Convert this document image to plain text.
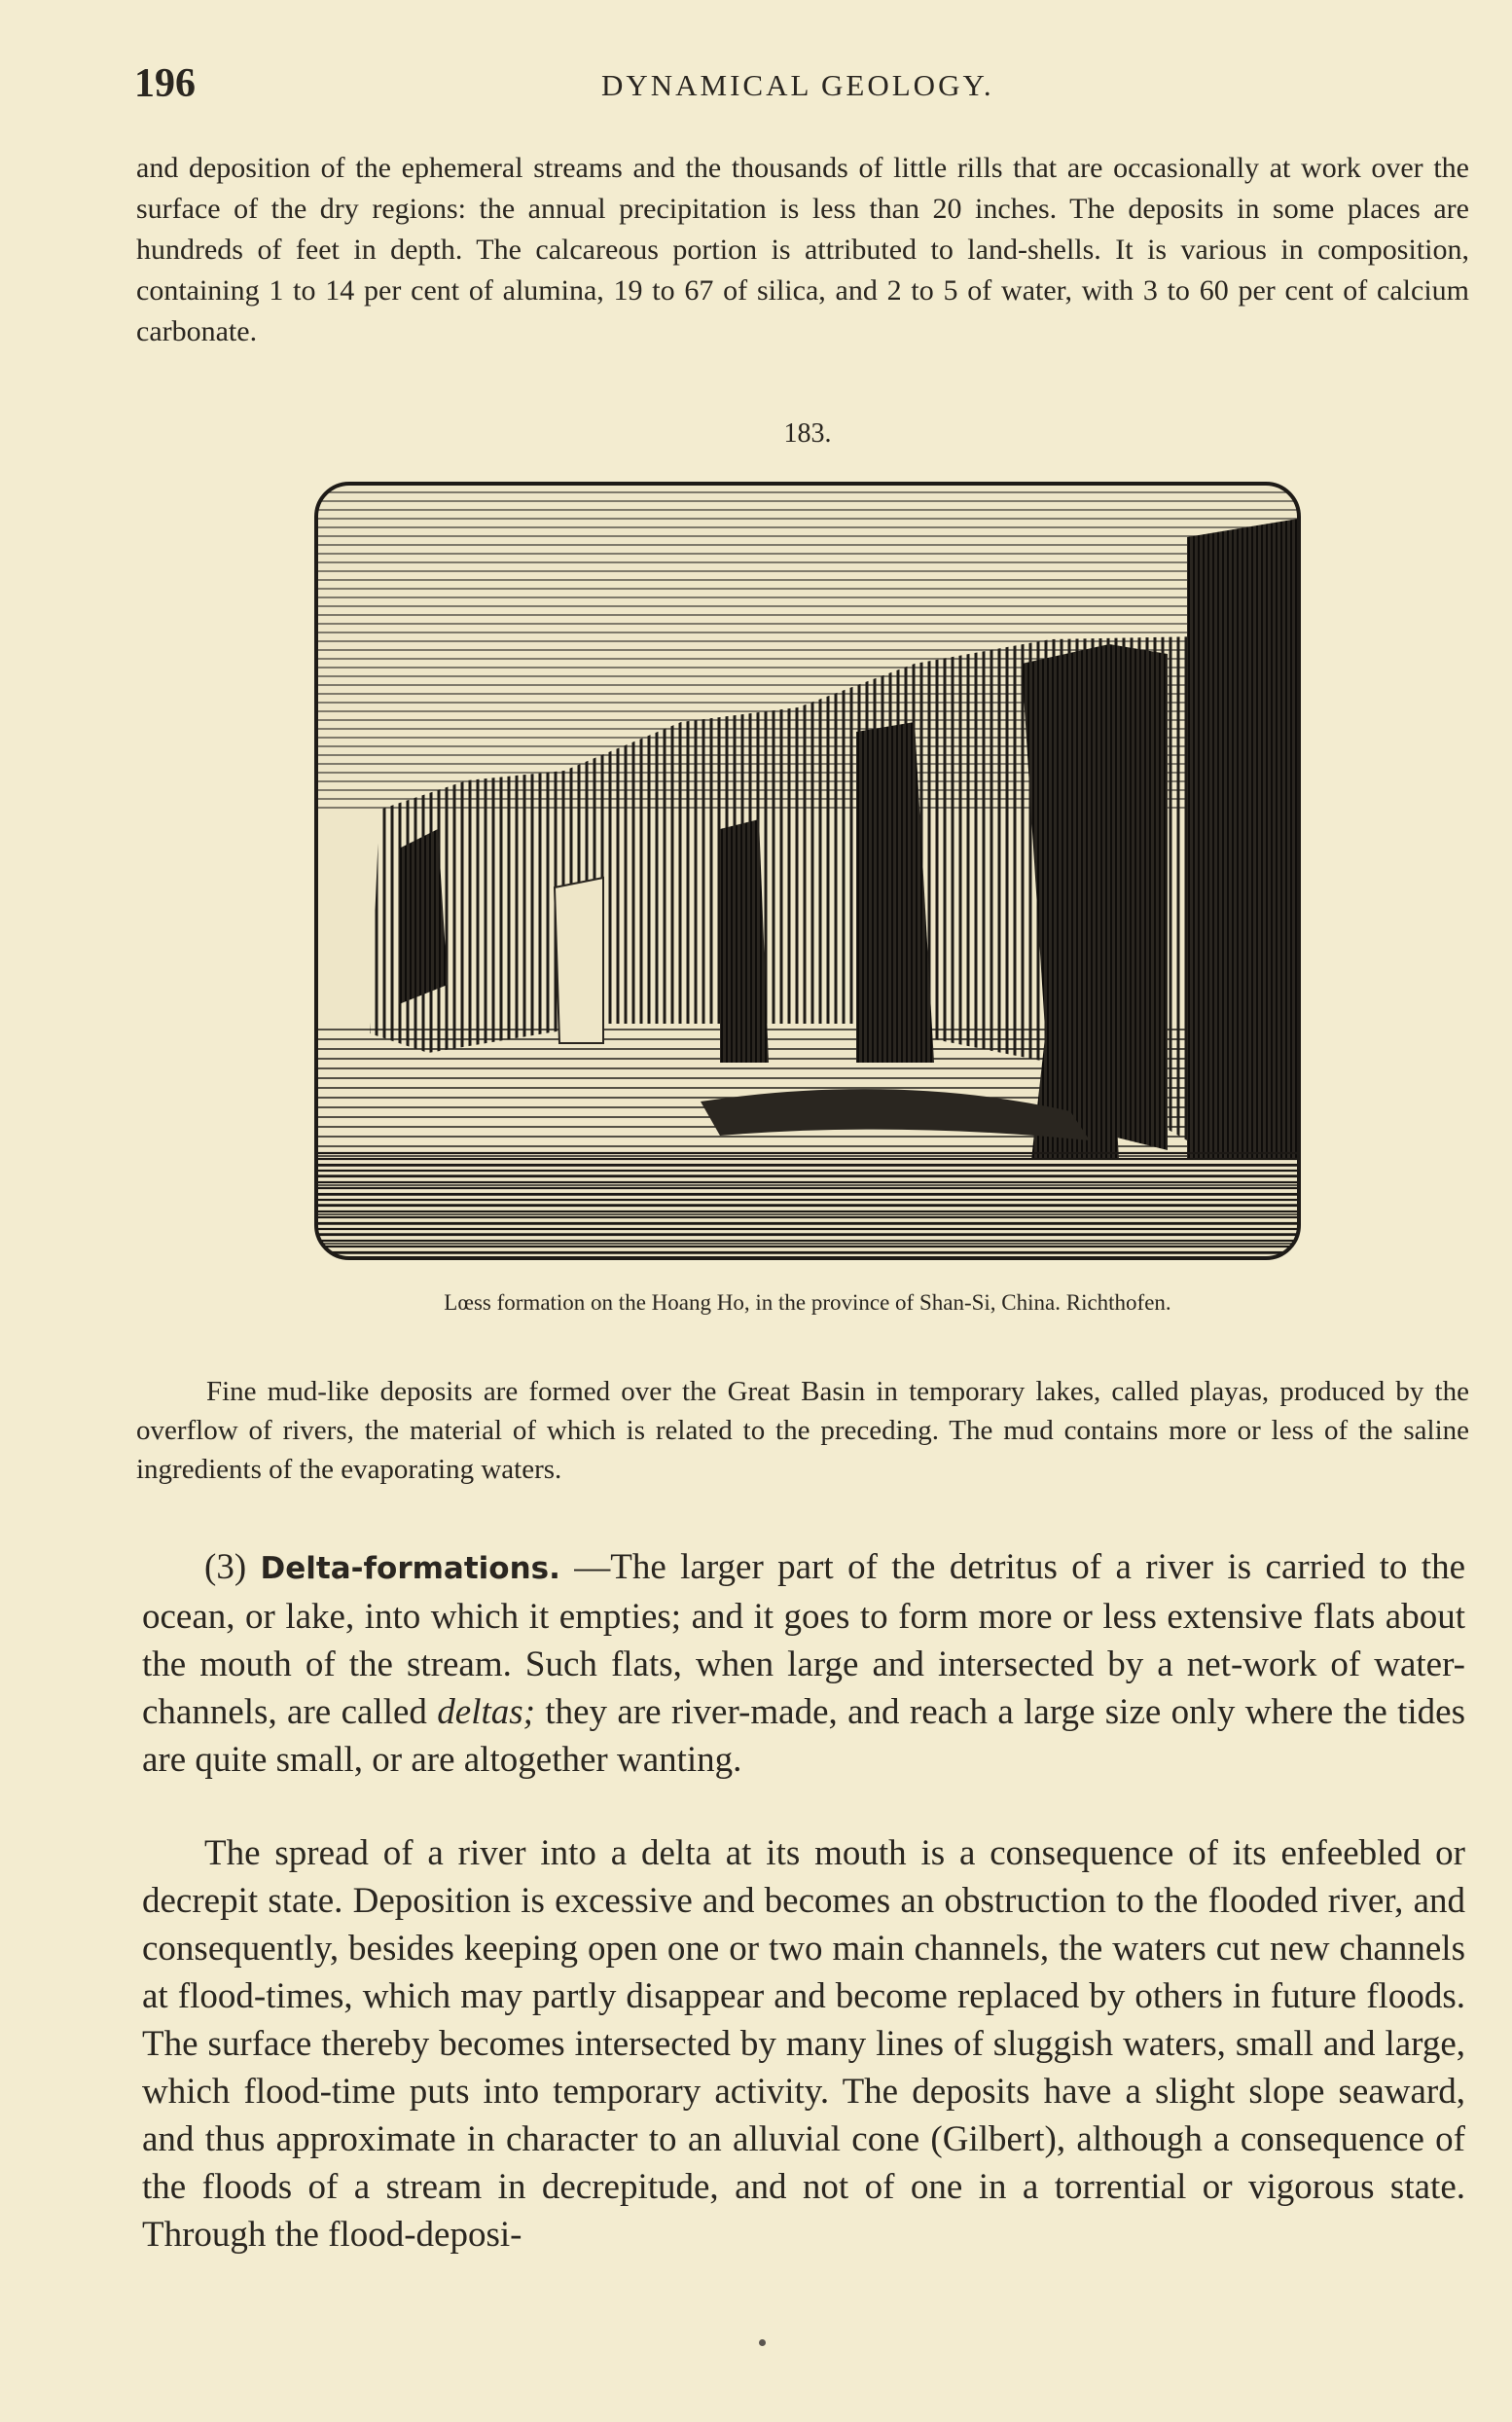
196	DYNAMICAL GEOLOGY.

and deposition of the ephemeral streams and the thousands of little rills that are occasionally at work over the surface of the dry regions: the annual precipitation is less than 20 inches. The deposits in some places are hundreds of feet in depth. The calcareous portion is attributed to land-shells. It is various in composition, containing 1 to 14 per cent of alumina, 19 to 67 of silica, and 2 to 5 of water, with 3 to 60 per cent of calcium carbonate.

183.
Lœss formation on the Hoang Ho, in the province of Shan-Si, China. Richthofen.

Fine mud-like deposits are formed over the Great Basin in temporary lakes, called playas, produced by the overflow of rivers, the material of which is related to the preceding. The mud contains more or less of the saline ingredients of the evaporating waters.

(3) Delta-formations. —The larger part of the detritus of a river is carried to the ocean, or lake, into which it empties; and it goes to form more or less extensive flats about the mouth of the stream. Such flats, when large and intersected by a net-work of water-channels, are called deltas; they are river-made, and reach a large size only where the tides are quite small, or are altogether wanting.

The spread of a river into a delta at its mouth is a consequence of its enfeebled or decrepit state. Deposition is excessive and becomes an obstruction to the flooded river, and consequently, besides keeping open one or two main channels, the waters cut new channels at flood-times, which may partly disappear and become replaced by others in future floods. The surface thereby becomes intersected by many lines of sluggish waters, small and large, which flood-time puts into temporary activity. The deposits have a slight slope seaward, and thus approximate in character to an alluvial cone (Gilbert), although a consequence of the floods of a stream in decrepitude, and not of one in a torrential or vigorous state. Through the flood-deposi-
